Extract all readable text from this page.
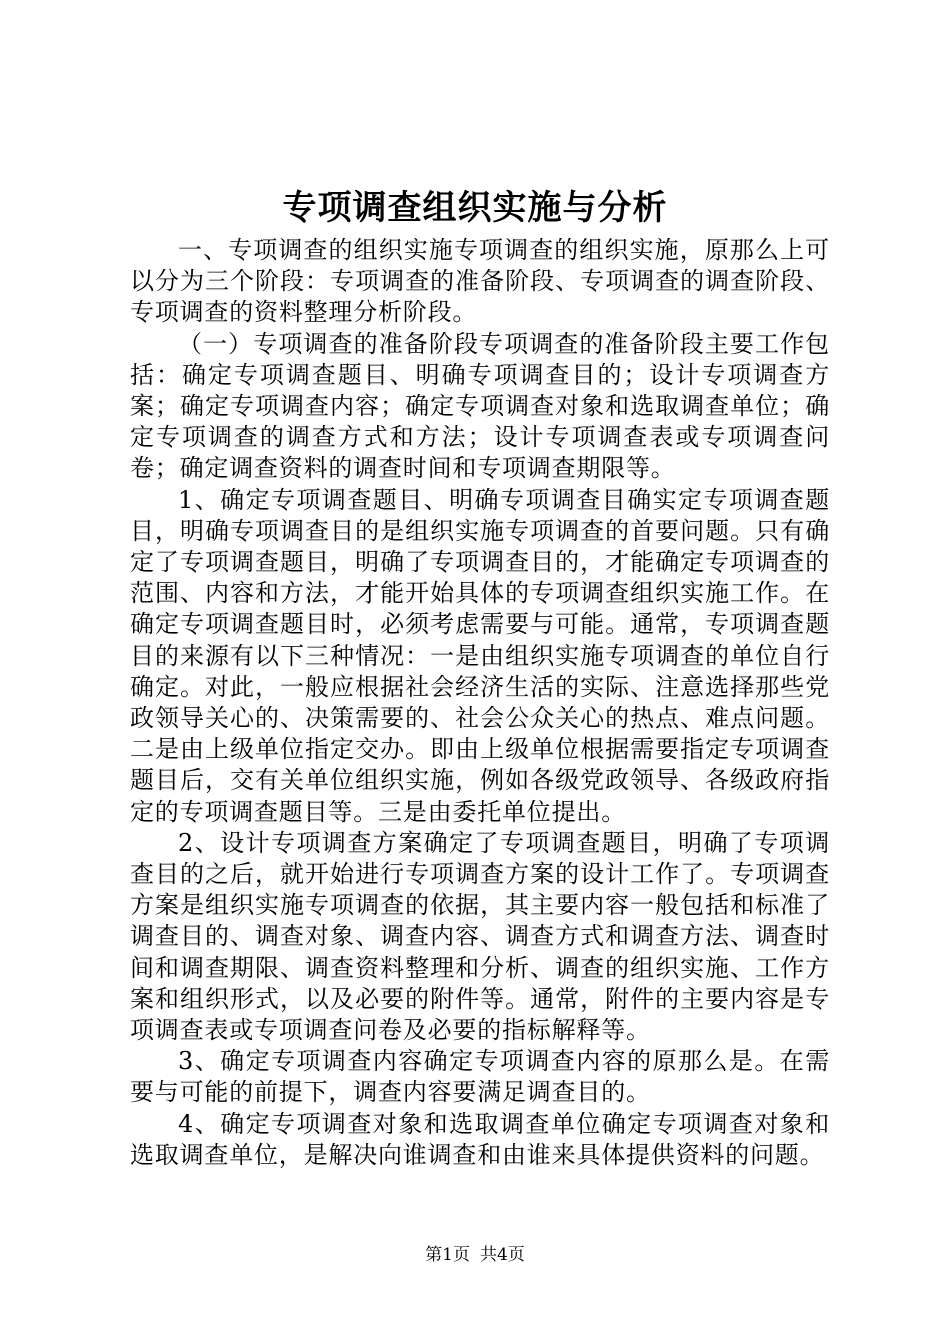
专项调查组织实施与分析

一、专项调查的组织实施专项调查的组织实施，原那么上可以分为三个阶段：专项调查的准备阶段、专项调查的调查阶段、专项调查的资料整理分析阶段。

（一）专项调查的准备阶段专项调查的准备阶段主要工作包括：确定专项调查题目、明确专项调查目的；设计专项调查方案；确定专项调查内容；确定专项调查对象和选取调查单位；确定专项调查的调查方式和方法；设计专项调查表或专项调查问卷；确定调查资料的调查时间和专项调查期限等。

1、确定专项调查题目、明确专项调查目确实定专项调查题目，明确专项调查目的是组织实施专项调查的首要问题。只有确定了专项调查题目，明确了专项调查目的，才能确定专项调查的范围、内容和方法，才能开始具体的专项调查组织实施工作。在确定专项调查题目时，必须考虑需要与可能。通常，专项调查题目的来源有以下三种情况：一是由组织实施专项调查的单位自行确定。对此，一般应根据社会经济生活的实际、注意选择那些党政领导关心的、决策需要的、社会公众关心的热点、难点问题。二是由上级单位指定交办。即由上级单位根据需要指定专项调查题目后，交有关单位组织实施，例如各级党政领导、各级政府指定的专项调查题目等。三是由委托单位提出。

2、设计专项调查方案确定了专项调查题目，明确了专项调查目的之后，就开始进行专项调查方案的设计工作了。专项调查方案是组织实施专项调查的依据，其主要内容一般包括和标准了调查目的、调查对象、调查内容、调查方式和调查方法、调查时间和调查期限、调查资料整理和分析、调查的组织实施、工作方案和组织形式，以及必要的附件等。通常，附件的主要内容是专项调查表或专项调查问卷及必要的指标解释等。

3、确定专项调查内容确定专项调查内容的原那么是。在需要与可能的前提下，调查内容要满足调查目的。

4、确定专项调查对象和选取调查单位确定专项调查对象和选取调查单位，是解决向谁调查和由谁来具体提供资料的问题。

第1页 共4页
